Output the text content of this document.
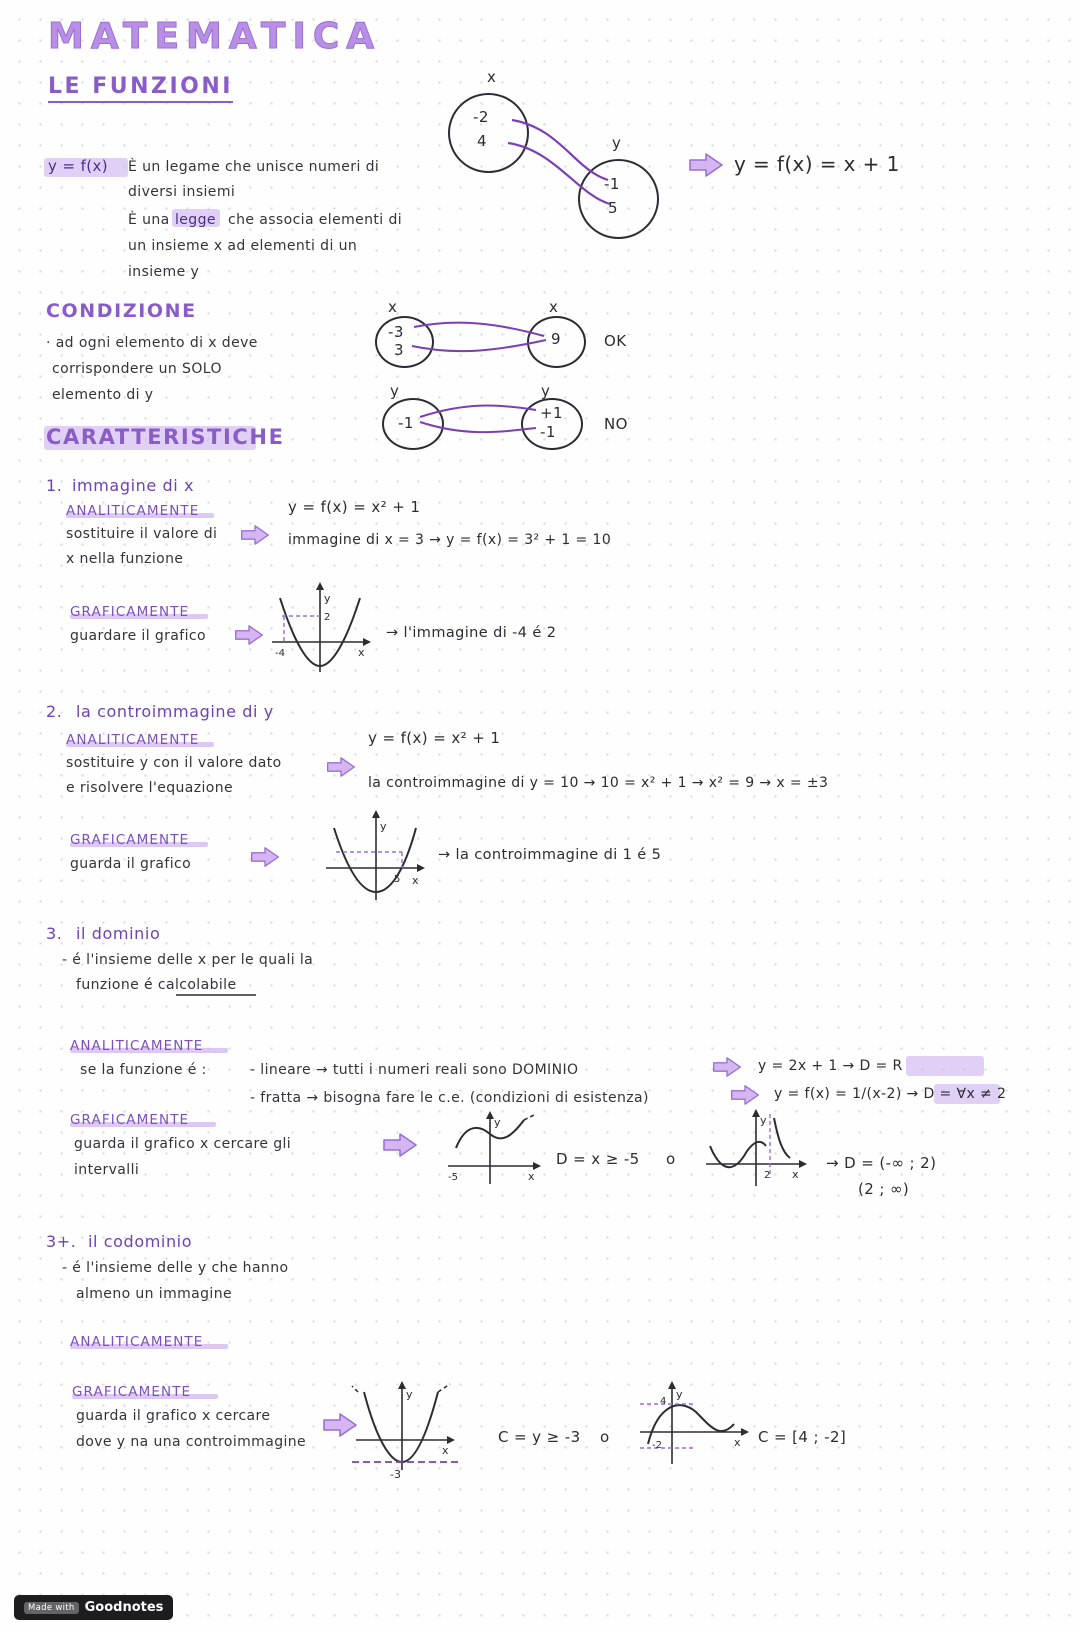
MATEMATICA
LE FUNZIONI
y = f(x) È un legame che unisce numeri di
diversi insiemi
È una legge che associa elementi di
un insieme x ad elementi di un
insieme y
x
-2
4	y
-1
5
y = f(x) = x + 1
CONDIZIONE
· ad ogni elemento di x deve
corrispondere un SOLO
elemento di y
x
-3
3
x
9	OK
y
-1
y
+1
-1	NO
CARATTERISTICHE
1. immagine di x
ANALITICAMENTE
sostituire il valore di
x nella funzione
y = f(x) = x² + 1
immagine di x = 3 → y = f(x) = 3² + 1 = 10
GRAFICAMENTE
guardare il grafico
y
2
-4	x
→ l'immagine di -4 é 2
2. la controimmagine di y
ANALITICAMENTE
sostituire y con il valore dato
e risolvere l'equazione
y = f(x) = x² + 1
la controimmagine di y = 10 → 10 = x² + 1 → x² = 9 → x = ±3
GRAFICAMENTE
guarda il grafico
y
5 x
→ la controimmagine di 1 é 5
3. il dominio
- é l'insieme delle x per le quali la
funzione é calcolabile
ANALITICAMENTE
se la funzione é :	- lineare → tutti i numeri reali sono DOMINIO	y = 2x + 1 → D = R
- fratta → bisogna fare le c.e. (condizioni di esistenza)	y = f(x) = 1/(x-2) → D = ∀x ≠ 2
GRAFICAMENTE
guarda il grafico x cercare gli
intervalli
y
-5	x
D = x ≥ -5 o
y
2 x
→ D = (-∞ ; 2)
(2 ; ∞)
3+. il codominio
- é l'insieme delle y che hanno
almeno un immagine
ANALITICAMENTE
GRAFICAMENTE
guarda il grafico x cercare
dove y na una controimmagine
y
x
-3
C = y ≥ -3 o
y
4
-2	x C = [4 ; -2]
Made with Goodnotes
